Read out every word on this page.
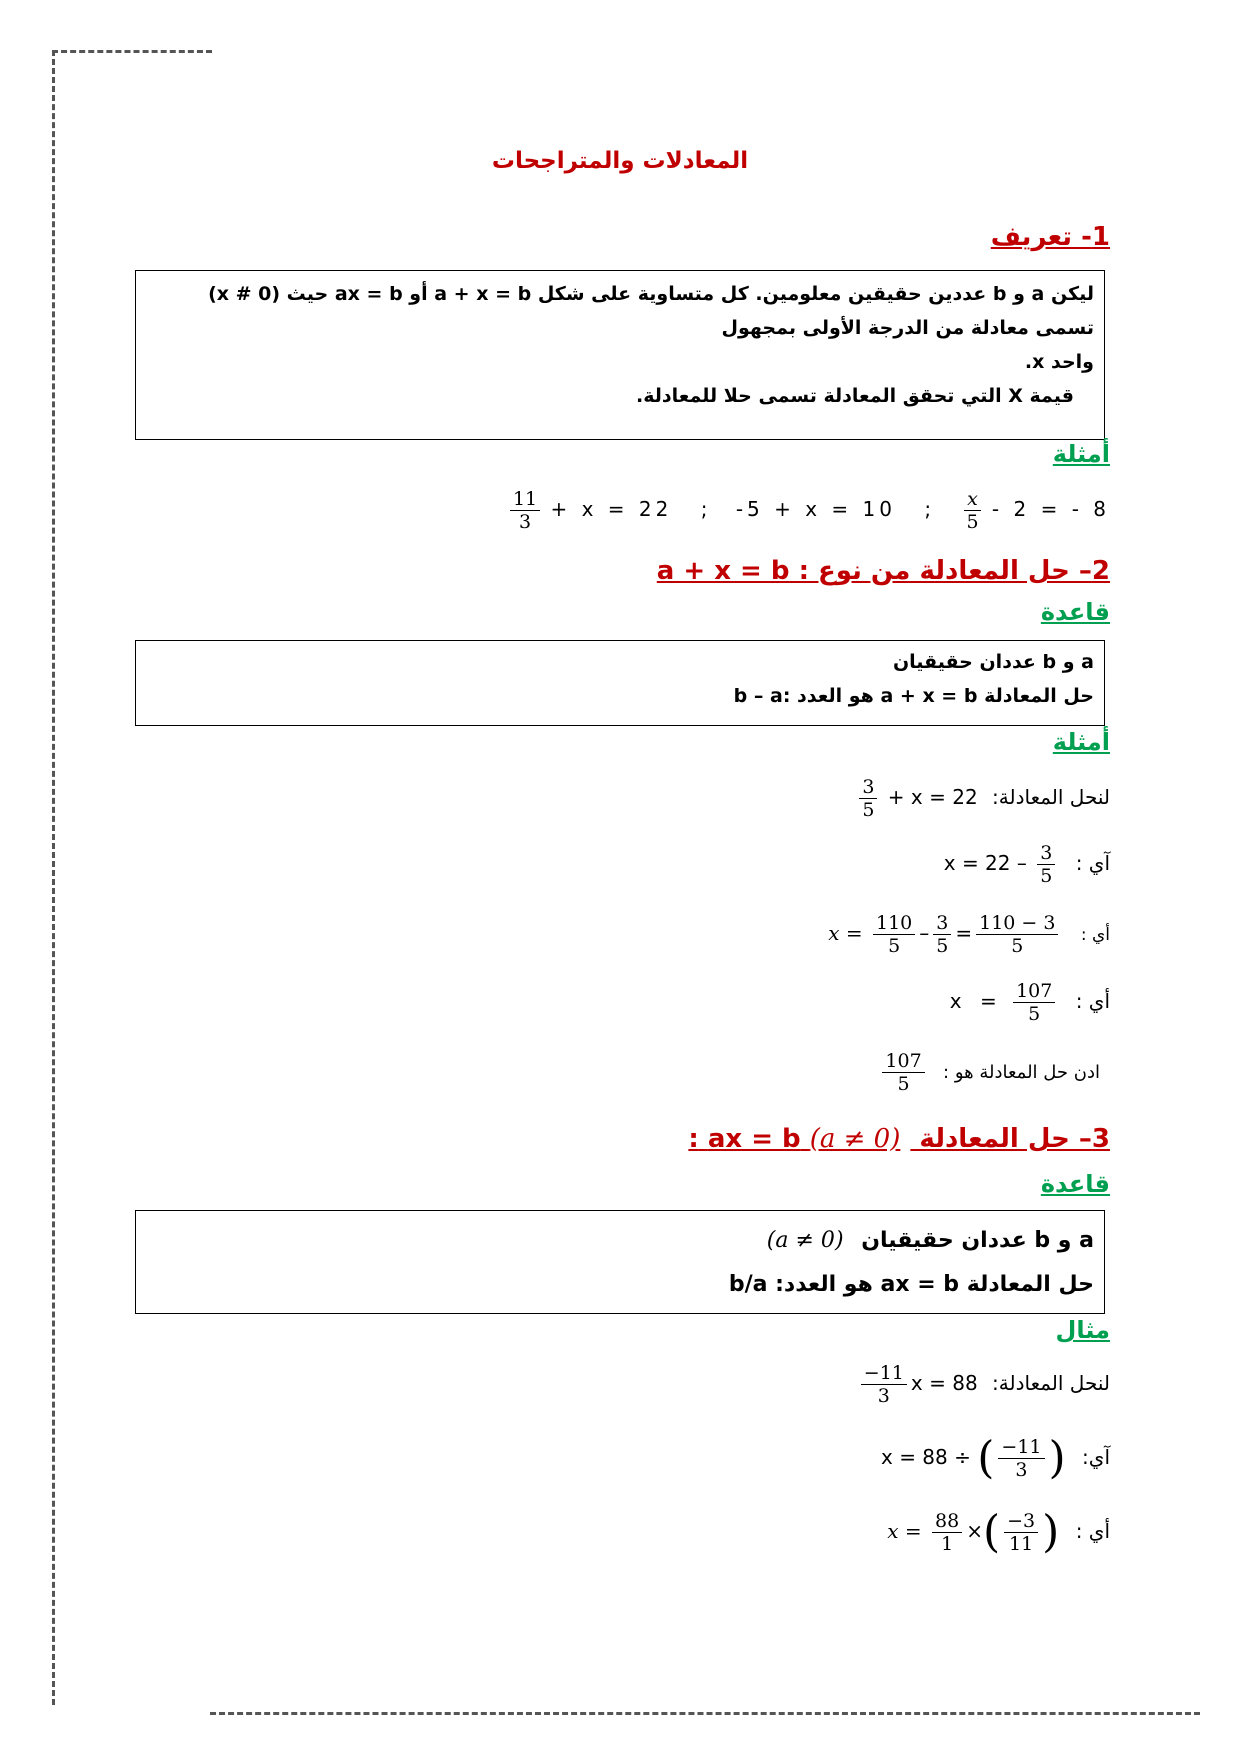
المعادلات والمتراجحات
1- تعريف

ليكن a و b عددين حقيقين معلومين. كل متساوية على شكل a + x = b أو ax = b حيث (x # 0)

تسمى معادلة من الدرجة الأولى بمجهول

واحد x.

قيمة X التي تحقق المعادلة تسمى حلا للمعادلة.

أمثلة
$\frac{11}{3} + x = 22$ ; -5 + x = 10 ; $\frac{x}{5} - 2$ = - 8
2– حل المعادلة من نوع : a + x = b
قاعدة

a و b عددان حقيقيان

حل المعادلة a + x = b هو العدد :b – a

أمثلة
$\frac{3}{5} + x = 22$ لنحل المعادلة:
$x = 22 - \frac{3}{5}$ آي :
$x = \frac{110}{5} - \frac{3}{5} = \frac{110 - 3}{5}$ أي :
$x = \frac{107}{5}$ أي :
$\frac{107}{5}$ ادن حل المعادلة هو :
3– حل المعادلة ax = b (a ≠ 0) :
قاعدة

a و b عددان حقيقيان (a ≠ 0)

حل المعادلة ax = b هو العدد: b/a

مثال
$\frac{-11}{3}$ x = 88 لنحل المعادلة:
x = 88 ÷ ( $\frac{-11}{3}$ ) آي:
$x = \frac{88}{1}$ ×( $\frac{-3}{11}$ ) أي :
